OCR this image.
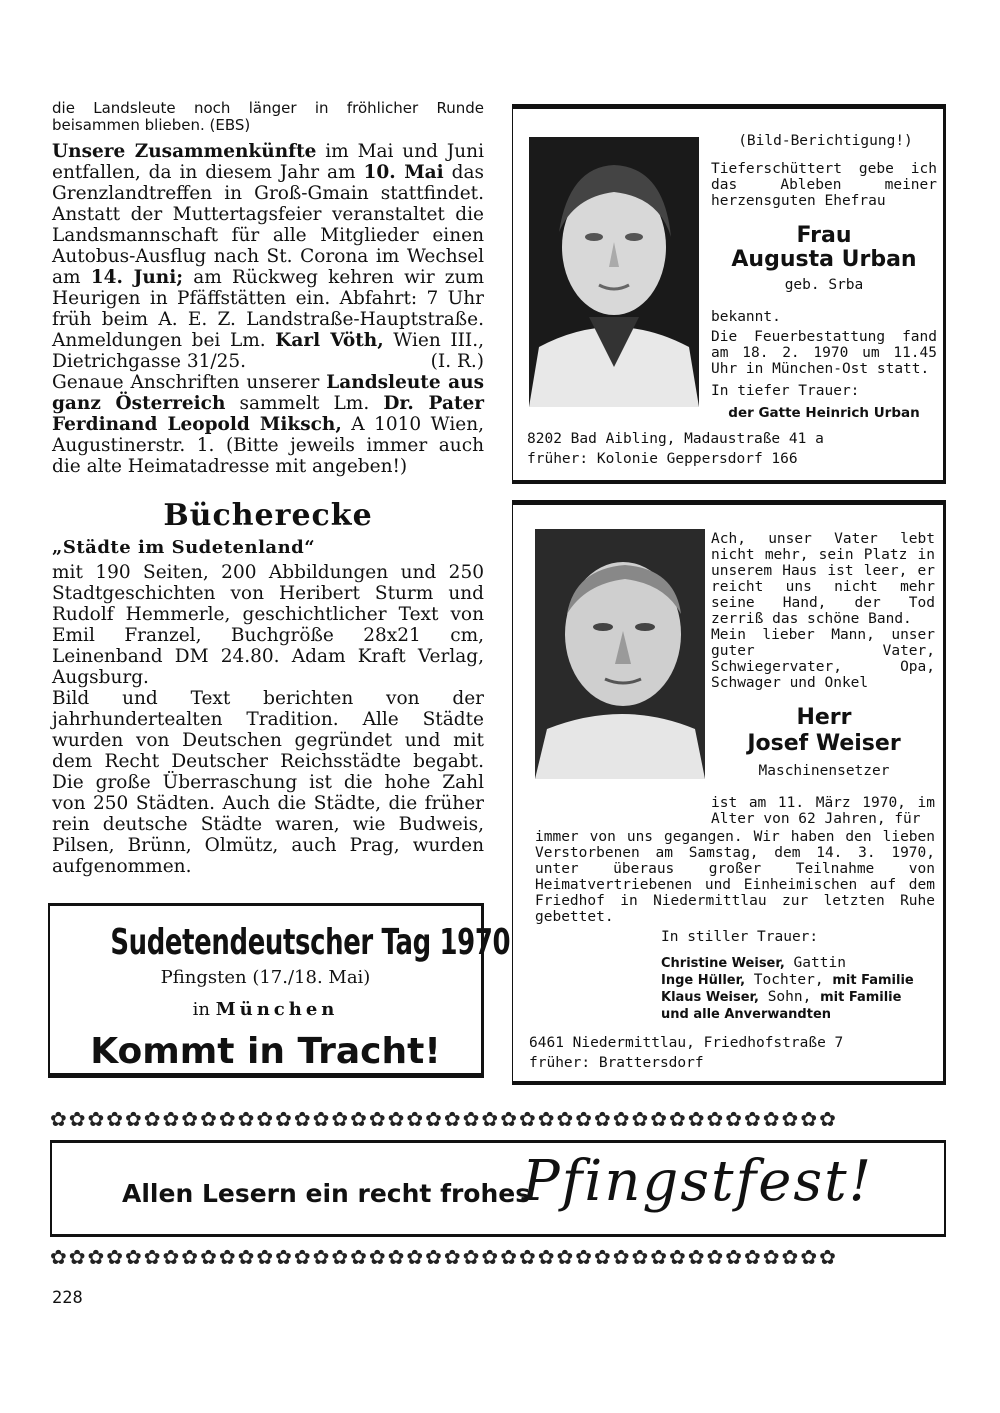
die Landsleute noch länger in fröhlicher Runde beisammen blieben. (EBS)

Unsere Zusammenkünfte im Mai und Juni entfallen, da in diesem Jahr am 10. Mai das Grenzlandtreffen in Groß-Gmain stattfindet. Anstatt der Muttertagsfeier veranstaltet die Landsmannschaft für alle Mitglieder einen Autobus-Ausflug nach St. Corona im Wechsel am 14. Juni; am Rückweg kehren wir zum Heurigen in Pfäffstätten ein. Abfahrt: 7 Uhr früh beim A. E. Z. Landstraße-Hauptstraße. Anmeldungen bei Lm. Karl Vöth, Wien III., Dietrichgasse 31/25.	(I. R.)

Genaue Anschriften unserer Landsleute aus ganz Österreich sammelt Lm. Dr. Pater Ferdinand Leopold Miksch, A 1010 Wien, Augustinerstr. 1. (Bitte jeweils immer auch die alte Heimatadresse mit angeben!)

Bücherecke

„Städte im Sudetenland“

mit 190 Seiten, 200 Abbildungen und 250 Stadtgeschichten von Heribert Sturm und Rudolf Hemmerle, geschichtlicher Text von Emil Franzel, Buchgröße 28x21 cm, Leinenband DM 24.80. Adam Kraft Verlag, Augsburg.

Bild und Text berichten von der jahrhundertealten Tradition. Alle Städte wurden von Deutschen gegründet und mit dem Recht Deutscher Reichsstädte begabt. Die große Überraschung ist die hohe Zahl von 250 Städten. Auch die Städte, die früher rein deutsche Städte waren, wie Budweis, Pilsen, Brünn, Olmütz, auch Prag, wurden aufgenommen.

Sudetendeutscher Tag 1970
Pfingsten (17./18. Mai)
in München
Kommt in Tracht!
(Bild-Berichtigung!)
Tieferschüttert gebe ich das Ableben meiner herzensguten Ehefrau
Frau
Augusta Urban
geb. Srba
bekannt.
Die Feuerbestattung fand am 18. 2. 1970 um 11.45 Uhr in München-Ost statt.
In tiefer Trauer:
der Gatte Heinrich Urban
8202 Bad Aibling, Madaustraße 41 a
früher: Kolonie Geppersdorf 166
Ach, unser Vater lebt nicht mehr, sein Platz in unserem Haus ist leer, er reicht uns nicht mehr seine Hand, der Tod zerriß das schöne Band.
Mein lieber Mann, unser guter Vater, Schwiegervater, Opa, Schwager und Onkel
Herr
Josef Weiser
Maschinensetzer
ist am 11. März 1970, im Alter von 62 Jahren, für
immer von uns gegangen. Wir haben den lieben Verstorbenen am Samstag, dem 14. 3. 1970, unter überaus großer Teilnahme von Heimatvertriebenen und Einheimischen auf dem Friedhof in Niedermittlau zur letzten Ruhe gebettet.
In stiller Trauer:
Christine Weiser, Gattin
Inge Hüller, Tochter, mit Familie
Klaus Weiser, Sohn, mit Familie
und alle Anverwandten
6461 Niedermittlau, Friedhofstraße 7
früher: Brattersdorf
✿✿✿✿✿✿✿✿✿✿✿✿✿✿✿✿✿✿✿✿✿✿✿✿✿✿✿✿✿✿✿✿✿✿✿✿✿✿✿✿✿✿
Allen Lesern ein recht frohes
Pfingstfest!
✿✿✿✿✿✿✿✿✿✿✿✿✿✿✿✿✿✿✿✿✿✿✿✿✿✿✿✿✿✿✿✿✿✿✿✿✿✿✿✿✿✿
228
